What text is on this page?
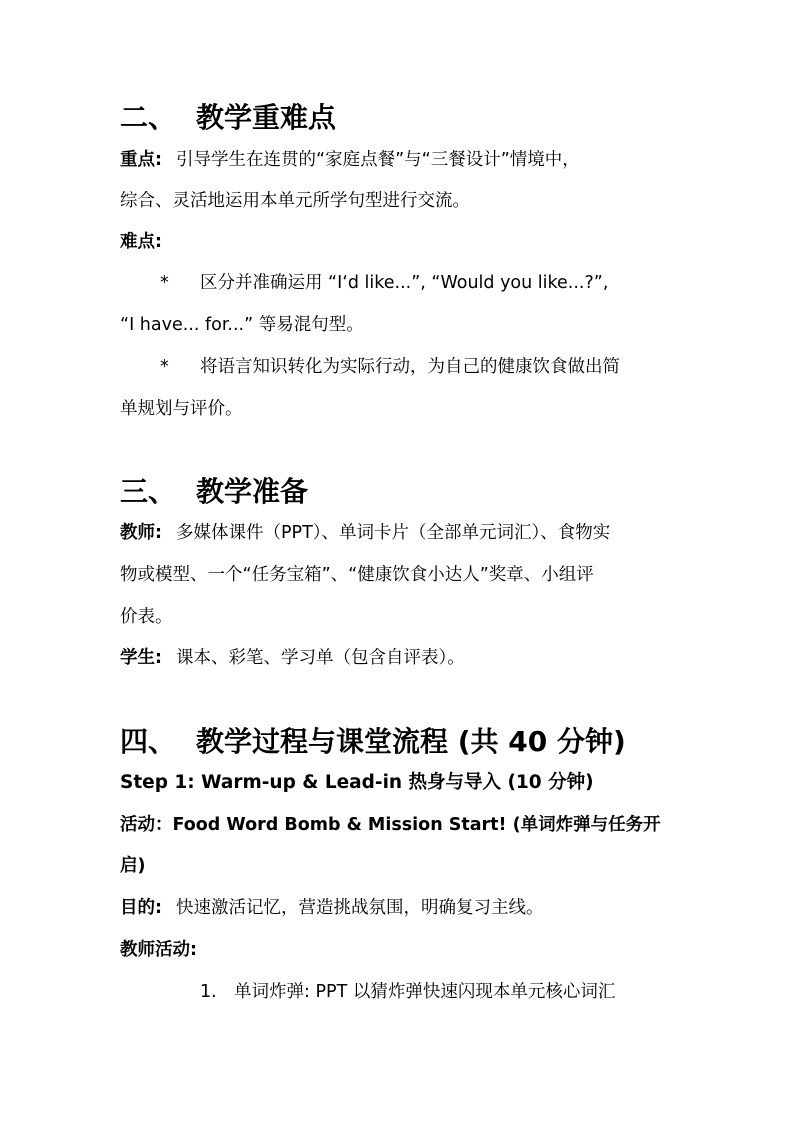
二、 教学重难点
重点: 引导学生在连贯的“家庭点餐”与“三餐设计”情境中，
综合、灵活地运用本单元所学句型进行交流。
难点:
* 区分并准确运用 “I‘d like...”, “Would you like...?”,
“I have... for...” 等易混句型。
* 将语言知识转化为实际行动，为自己的健康饮食做出简
单规划与评价。
三、 教学准备
教师: 多媒体课件（PPT）、单词卡片（全部单元词汇）、食物实
物或模型、一个“任务宝箱”、“健康饮食小达人”奖章、小组评
价表。
学生: 课本、彩笔、学习单（包含自评表）。
四、 教学过程与课堂流程 (共 40 分钟)
Step 1: Warm-up & Lead-in 热身与导入 (10 分钟)
活动：Food Word Bomb & Mission Start! (单词炸弹与任务开
启)
目的: 快速激活记忆，营造挑战氛围，明确复习主线。
教师活动:
1. 单词炸弹: PPT 以猜炸弹快速闪现本单元核心词汇
